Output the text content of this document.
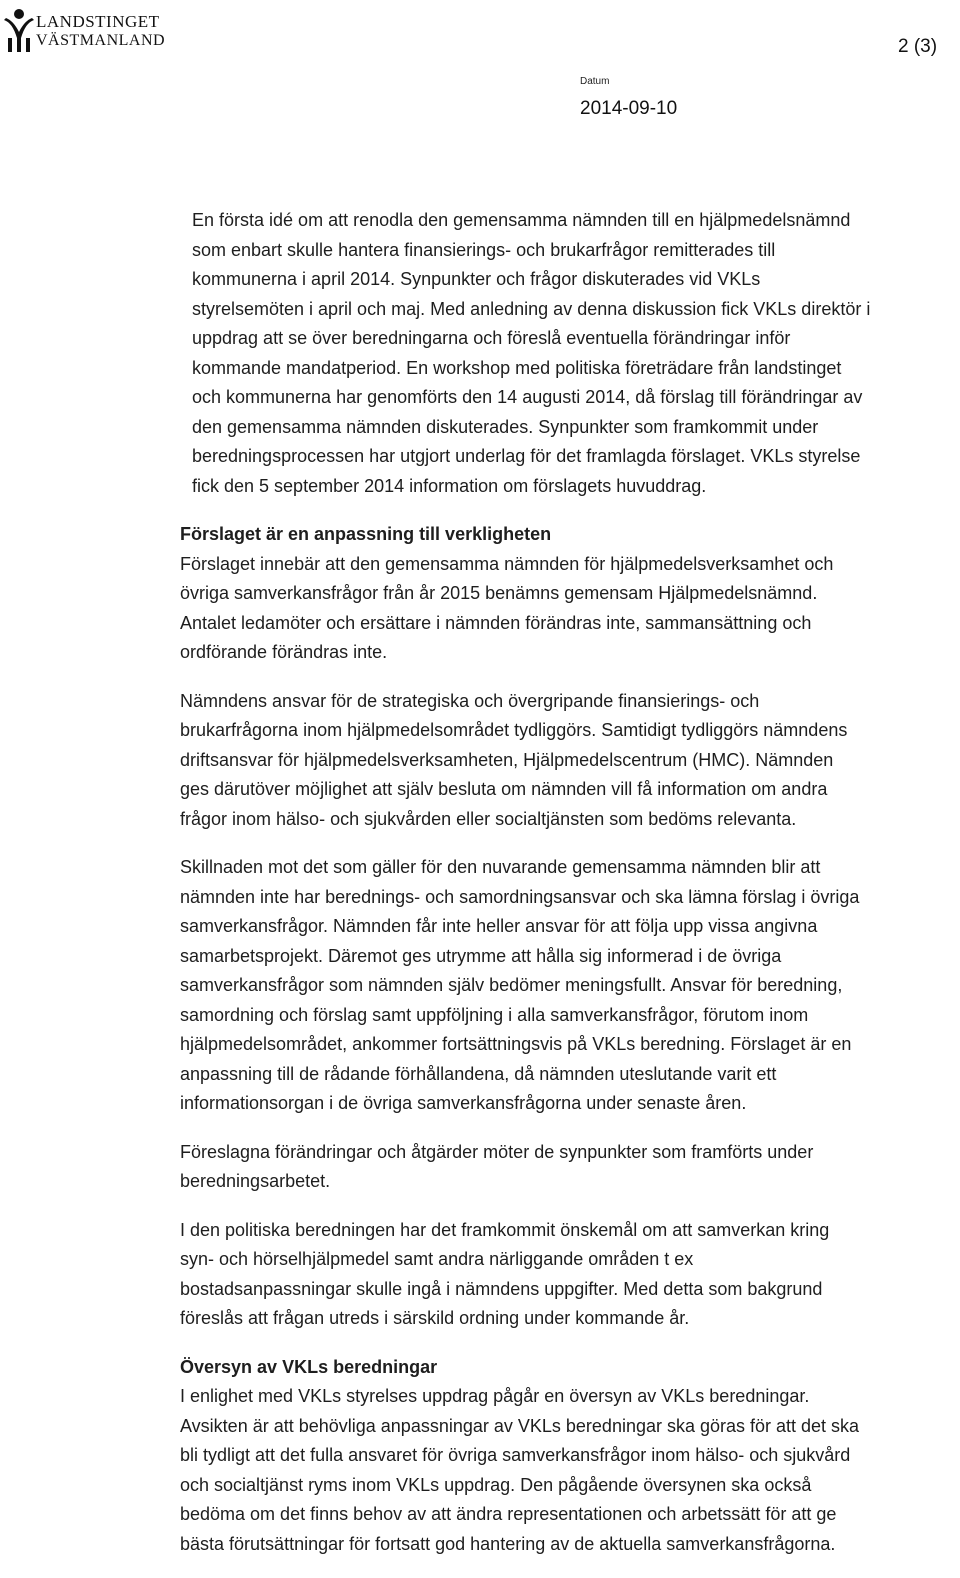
LANDSTINGET
VÄSTMANLAND	2 (3)
Datum
2014-09-10

En första idé om att renodla den gemensamma nämnden till en hjälpmedelsnämnd
som enbart skulle hantera finansierings- och brukarfrågor remitterades till
kommunerna i april 2014. Synpunkter och frågor diskuterades vid VKLs
styrelsemöten i april och maj. Med anledning av denna diskussion fick VKLs direktör i
uppdrag att se över beredningarna och föreslå eventuella förändringar inför
kommande mandatperiod. En workshop med politiska företrädare från landstinget
och kommunerna har genomförts den 14 augusti 2014, då förslag till förändringar av
den gemensamma nämnden diskuterades. Synpunkter som framkommit under
beredningsprocessen har utgjort underlag för det framlagda förslaget. VKLs styrelse
fick den 5 september 2014 information om förslagets huvuddrag.

Förslaget är en anpassning till verkligheten

Förslaget innebär att den gemensamma nämnden för hjälpmedelsverksamhet och
övriga samverkansfrågor från år 2015 benämns gemensam Hjälpmedelsnämnd.
Antalet ledamöter och ersättare i nämnden förändras inte, sammansättning och
ordförande förändras inte.

Nämndens ansvar för de strategiska och övergripande finansierings- och
brukarfrågorna inom hjälpmedelsområdet tydliggörs. Samtidigt tydliggörs nämndens
driftsansvar för hjälpmedelsverksamheten, Hjälpmedelscentrum (HMC). Nämnden
ges därutöver möjlighet att själv besluta om nämnden vill få information om andra
frågor inom hälso- och sjukvården eller socialtjänsten som bedöms relevanta.

Skillnaden mot det som gäller för den nuvarande gemensamma nämnden blir att
nämnden inte har berednings- och samordningsansvar och ska lämna förslag i övriga
samverkansfrågor. Nämnden får inte heller ansvar för att följa upp vissa angivna
samarbetsprojekt. Däremot ges utrymme att hålla sig informerad i de övriga
samverkansfrågor som nämnden själv bedömer meningsfullt. Ansvar för beredning,
samordning och förslag samt uppföljning i alla samverkansfrågor, förutom inom
hjälpmedelsområdet, ankommer fortsättningsvis på VKLs beredning. Förslaget är en
anpassning till de rådande förhållandena, då nämnden uteslutande varit ett
informationsorgan i de övriga samverkansfrågorna under senaste åren.

Föreslagna förändringar och åtgärder möter de synpunkter som framförts under
beredningsarbetet.

I den politiska beredningen har det framkommit önskemål om att samverkan kring
syn- och hörselhjälpmedel samt andra närliggande områden t ex
bostadsanpassningar skulle ingå i nämndens uppgifter. Med detta som bakgrund
föreslås att frågan utreds i särskild ordning under kommande år.

Översyn av VKLs beredningar

I enlighet med VKLs styrelses uppdrag pågår en översyn av VKLs beredningar.
Avsikten är att behövliga anpassningar av VKLs beredningar ska göras för att det ska
bli tydligt att det fulla ansvaret för övriga samverkansfrågor inom hälso- och sjukvård
och socialtjänst ryms inom VKLs uppdrag. Den pågående översynen ska också
bedöma om det finns behov av att ändra representationen och arbetssätt för att ge
bästa förutsättningar för fortsatt god hantering av de aktuella samverkansfrågorna.
